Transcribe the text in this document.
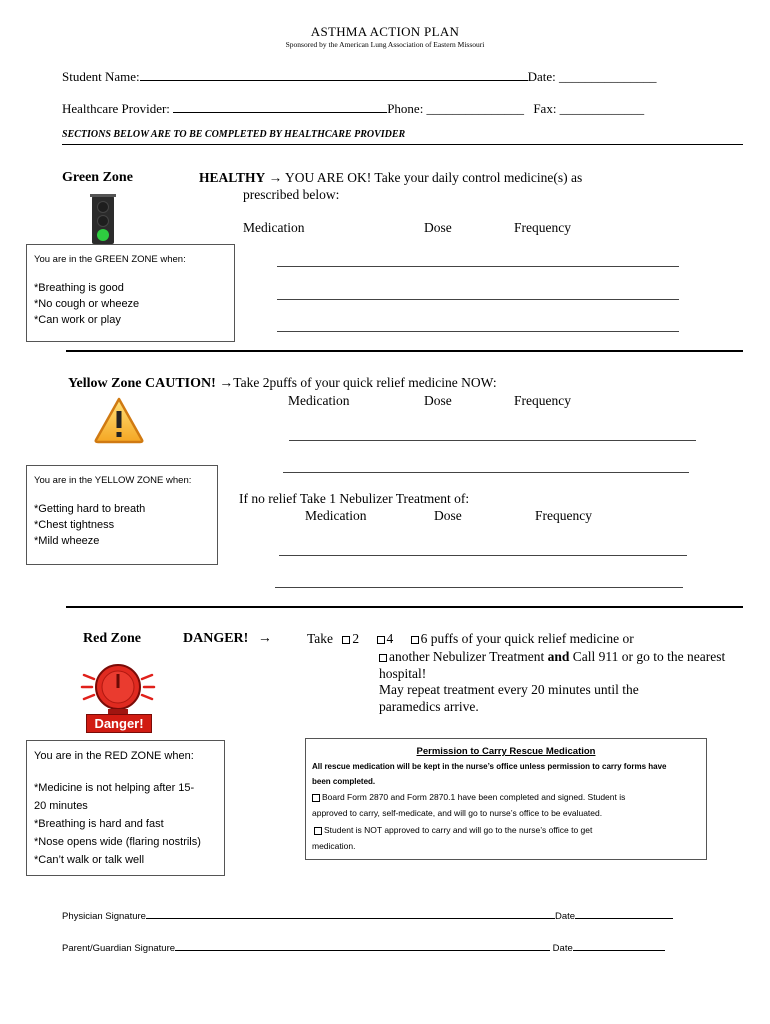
ASTHMA ACTION PLAN
Sponsored by the American Lung Association of Eastern Missouri
Student Name:	Date: _______________
Healthcare Provider:	Phone: _______________ Fax: _____________
SECTIONS BELOW ARE TO BE COMPLETED BY HEALTHCARE PROVIDER
Green Zone	HEALTHY → YOU ARE OK! Take your daily control medicine(s) as
prescribed below:
Medication	Dose	Frequency

You are in the GREEN ZONE when:

*Breathing is good

*No cough or wheeze

*Can work or play

Yellow Zone CAUTION! →Take 2puffs of your quick relief medicine NOW:
Medication	Dose	Frequency
If no relief Take 1 Nebulizer Treatment of:
Medication	Dose	Frequency

You are in the YELLOW ZONE when:

*Getting hard to breath

*Chest tightness

*Mild wheeze

Red Zone	DANGER! →	Take 2 4 6 puffs of your quick relief medicine or
another Nebulizer Treatment and Call 911 or go to the nearest
hospital!
May repeat treatment every 20 minutes until the
paramedics arrive.
Danger!

You are in the RED ZONE when:

*Medicine is not helping after 15-

20 minutes

*Breathing is hard and fast

*Nose opens wide (flaring nostrils)

*Can’t walk or talk well

Permission to Carry Rescue Medication

All rescue medication will be kept in the nurse’s office unless permission to carry forms have

been completed.

Board Form 2870 and Form 2870.1 have been completed and signed. Student is

approved to carry, self-medicate, and will go to nurse’s office to be evaluated.

Student is NOT approved to carry and will go to the nurse’s office to get

medication.

Physician Signature	Date
Parent/Guardian Signature	Date
